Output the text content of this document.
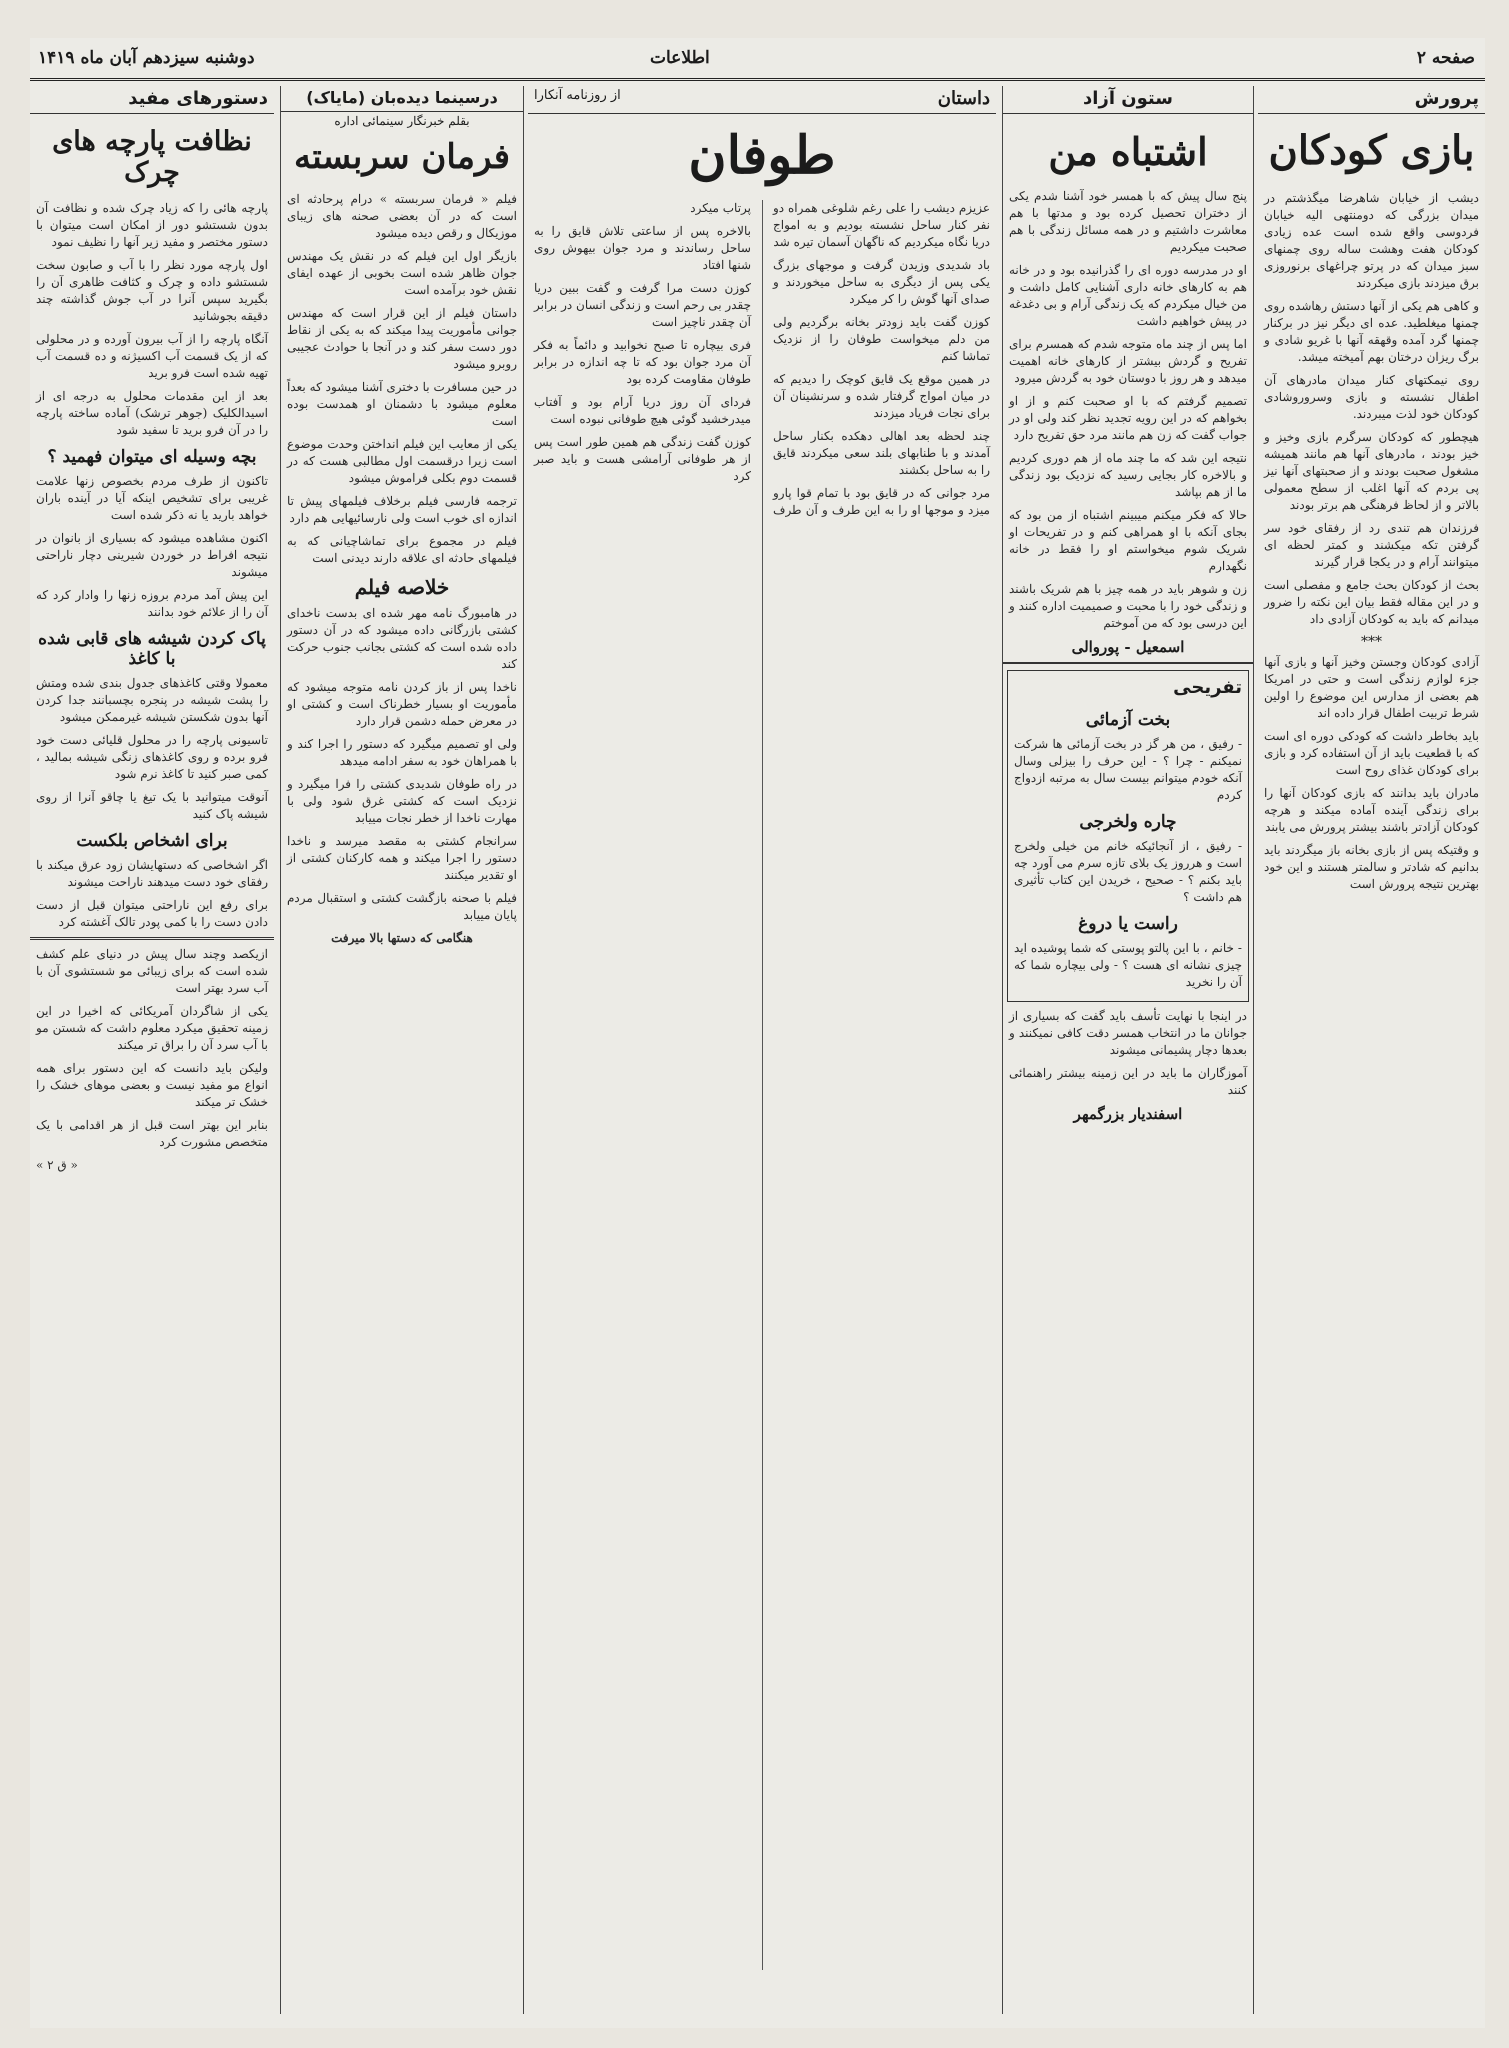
صفحه ۲
اطلاعات
دوشنبه سیزدهم آبان ماه ۱۴۱۹
پرورش
بازی کودکان
دیشب از خیابان شاهرضا میگذشتم در میدان بزرگی که دومنتهی الیه خیابان فردوسی واقع شده است عده زیادی کودکان هفت وهشت ساله روی چمنهای سبز میدان که در پرتو چراغهای برنوروزی برق میزدند بازی میکردند
و کاهی هم یکی از آنها دستش رهاشده روی چمنها میغلطید. عده ای دیگر نیز در برکنار چمنها گرد آمده وقهقه آنها با غریو شادی و برگ ریزان درختان بهم آمیخته میشد.
روی نیمکتهای کنار میدان مادرهای آن اطفال نشسته و بازی وسروروشادی کودکان خود لذت میبردند.
هیچطور که کودکان سرگرم بازی وخیز و خیز بودند ، مادرهای آنها هم مانند همیشه مشغول صحبت بودند و از صحبتهای آنها نیز پی بردم که آنها اغلب از سطح معمولی بالاتر و از لحاظ فرهنگی هم برتر بودند
فرزندان هم تندی رد از رفقای خود سر گرفتن تکه میکشند و کمتر لحظه ای میتوانند آرام و در یکجا قرار گیرند
بحث از کودکان بحث جامع و مفصلی است و در این مقاله فقط بیان این نکته را ضرور میدانم که باید به کودکان آزادی داد
***
آزادی کودکان وجستن وخیز آنها و بازی آنها جزء لوازم زندگی است و حتی در امریکا هم بعضی از مدارس این موضوع را اولین شرط تربیت اطفال قرار داده اند
باید بخاطر داشت که کودکی دوره ای است که با قطعیت باید از آن استفاده کرد و بازی برای کودکان غذای روح است
مادران باید بدانند که بازی کودکان آنها را برای زندگی آینده آماده میکند و هرچه کودکان آزادتر باشند بیشتر پرورش می یابند
و وقتیکه پس از بازی بخانه باز میگردند باید بدانیم که شادتر و سالمتر هستند و این خود بهترین نتیجه پرورش است
ستون آزاد
اشتباه من
پنج سال پیش که با همسر خود آشنا شدم یکی از دختران تحصیل کرده بود و مدتها با هم معاشرت داشتیم و در همه مسائل زندگی با هم صحبت میکردیم
او در مدرسه دوره ای را گذرانیده بود و در خانه هم به کارهای خانه داری آشنایی کامل داشت و من خیال میکردم که یک زندگی آرام و بی دغدغه در پیش خواهیم داشت
اما پس از چند ماه متوجه شدم که همسرم برای تفریح و گردش بیشتر از کارهای خانه اهمیت میدهد و هر روز با دوستان خود به گردش میرود
تصمیم گرفتم که با او صحبت کنم و از او بخواهم که در این رویه تجدید نظر کند ولی او در جواب گفت که زن هم مانند مرد حق تفریح دارد
نتیجه این شد که ما چند ماه از هم دوری کردیم و بالاخره کار بجایی رسید که نزدیک بود زندگی ما از هم بپاشد
حالا که فکر میکنم میبینم اشتباه از من بود که بجای آنکه با او همراهی کنم و در تفریحات او شریک شوم میخواستم او را فقط در خانه نگهدارم
زن و شوهر باید در همه چیز با هم شریک باشند و زندگی خود را با محبت و صمیمیت اداره کنند و این درسی بود که من آموختم
اسمعیل - پوروالی
تفریحی
بخت آزمائی
- رفیق ، من هر گز در بخت آزمائی ها شرکت نمیکنم - چرا ؟ - این حرف را بیزلی وسال آنکه خودم میتوانم بیست سال به مرتبه ازدواج کردم
چاره ولخرجی
- رفیق ، از آنجائیکه خانم من خیلی ولخرج است و هرروز یک بلای تازه سرم می آورد چه باید بکنم ؟ - صحیح ، خریدن این کتاب تأثیری هم داشت ؟
راست یا دروغ
- خانم ، با این پالتو پوستی که شما پوشیده اید چیزی نشانه ای هست ؟ - ولی بیچاره شما که آن را نخرید
در اینجا با نهایت تأسف باید گفت که بسیاری از جوانان ما در انتخاب همسر دقت کافی نمیکنند و بعدها دچار پشیمانی میشوند
آموزگاران ما باید در این زمینه بیشتر راهنمائی کنند
اسفندیار بزرگمهر
داستان
از روزنامه آنکارا
طوفان
عزیزم دیشب را علی رغم شلوغی همراه دو نفر کنار ساحل نشسته بودیم و به امواج دریا نگاه میکردیم که ناگهان آسمان تیره شد
باد شدیدی وزیدن گرفت و موجهای بزرگ یکی پس از دیگری به ساحل میخوردند و صدای آنها گوش را کر میکرد
کوزن گفت باید زودتر بخانه برگردیم ولی من دلم میخواست طوفان را از نزدیک تماشا کنم
در همین موقع یک قایق کوچک را دیدیم که در میان امواج گرفتار شده و سرنشینان آن برای نجات فریاد میزدند
چند لحظه بعد اهالی دهکده بکنار ساحل آمدند و با طنابهای بلند سعی میکردند قایق را به ساحل بکشند
مرد جوانی که در قایق بود با تمام قوا پارو میزد و موجها او را به این طرف و آن طرف پرتاب میکرد
بالاخره پس از ساعتی تلاش قایق را به ساحل رساندند و مرد جوان بیهوش روی شنها افتاد
کوزن دست مرا گرفت و گفت ببین دریا چقدر بی رحم است و زندگی انسان در برابر آن چقدر ناچیز است
فری بیچاره تا صبح نخوابید و دائماً به فکر آن مرد جوان بود که تا چه اندازه در برابر طوفان مقاومت کرده بود
فردای آن روز دریا آرام بود و آفتاب میدرخشید گوئی هیچ طوفانی نبوده است
کوزن گفت زندگی هم همین طور است پس از هر طوفانی آرامشی هست و باید صبر کرد
درسینما دیده‌بان (مایاک)
بقلم خبرنگار سینمائی اداره
فرمان سربسته
فیلم « فرمان سربسته » درام پرحادثه ای است که در آن بعضی صحنه های زیبای موزیکال و رقص دیده میشود
بازیگر اول این فیلم که در نقش یک مهندس جوان ظاهر شده است بخوبی از عهده ایفای نقش خود برآمده است
داستان فیلم از این قرار است که مهندس جوانی مأموریت پیدا میکند که به یکی از نقاط دور دست سفر کند و در آنجا با حوادث عجیبی روبرو میشود
در حین مسافرت با دختری آشنا میشود که بعداً معلوم میشود با دشمنان او همدست بوده است
یکی از معایب این فیلم انداختن وحدت موضوع است زیرا درقسمت اول مطالبی هست که در قسمت دوم بکلی فراموش میشود
ترجمه فارسی فیلم برخلاف فیلمهای پیش تا اندازه ای خوب است ولی نارسائیهایی هم دارد
فیلم در مجموع برای تماشاچیانی که به فیلمهای حادثه ای علاقه دارند دیدنی است
خلاصه فیلم
در هامبورگ نامه مهر شده ای بدست ناخدای کشتی بازرگانی داده میشود که در آن دستور داده شده است که کشتی بجانب جنوب حرکت کند
ناخدا پس از باز کردن نامه متوجه میشود که مأموریت او بسیار خطرناک است و کشتی او در معرض حمله دشمن قرار دارد
ولی او تصمیم میگیرد که دستور را اجرا کند و با همراهان خود به سفر ادامه میدهد
در راه طوفان شدیدی کشتی را فرا میگیرد و نزدیک است که کشتی غرق شود ولی با مهارت ناخدا از خطر نجات مییابد
سرانجام کشتی به مقصد میرسد و ناخدا دستور را اجرا میکند و همه کارکنان کشتی از او تقدیر میکنند
فیلم با صحنه بازگشت کشتی و استقبال مردم پایان مییابد
هنگامی که دستها بالا میرفت
دستورهای مفید
نظافت پارچه های چرک
پارچه هائی را که زیاد چرک شده و نظافت آن بدون شستشو دور از امکان است میتوان با دستور مختصر و مفید زیر آنها را نظیف نمود
اول پارچه مورد نظر را با آب و صابون سخت شستشو داده و چرک و کثافت ظاهری آن را بگیرید سپس آنرا در آب جوش گذاشته چند دقیقه بجوشانید
آنگاه پارچه را از آب بیرون آورده و در محلولی که از یک قسمت آب اکسیژنه و ده قسمت آب تهیه شده است فرو برید
بعد از این مقدمات محلول به درجه ای از اسیدالکلیک (جوهر ترشک) آماده ساخته پارچه را در آن فرو برید تا سفید شود
بچه وسیله ای میتوان فهمید ؟
تاکنون از طرف مردم بخصوص زنها علامت غریبی برای تشخیص اینکه آیا در آینده باران خواهد بارید یا نه ذکر شده است
اکنون مشاهده میشود که بسیاری از بانوان در نتیجه افراط در خوردن شیرینی دچار ناراحتی میشوند
این پیش آمد مردم بروزه زنها را وادار کرد که آن را از علائم خود بدانند
پاک کردن شیشه های قابی شده با کاغذ
معمولا وقتی کاغذهای جدول بندی شده ومتش را پشت شیشه در پنجره بچسبانند جدا کردن آنها بدون شکستن شیشه غیرممکن میشود
تاسیونی پارچه را در محلول قلیائی دست خود فرو برده و روی کاغذهای زنگی شیشه بمالید ، کمی صبر کنید تا کاغذ نرم شود
آنوقت میتوانید با یک تیغ یا چاقو آنرا از روی شیشه پاک کنید
برای اشخاص بلکست
اگر اشخاصی که دستهایشان زود عرق میکند با رفقای خود دست میدهند ناراحت میشوند
برای رفع این ناراحتی میتوان قبل از دست دادن دست را با کمی پودر تالک آغشته کرد
ازیکصد وچند سال پیش در دنیای علم کشف شده است که برای زیبائی مو شستشوی آن با آب سرد بهتر است
یکی از شاگردان آمریکائی که اخیرا در این زمینه تحقیق میکرد معلوم داشت که شستن مو با آب سرد آن را براق تر میکند
ولیکن باید دانست که این دستور برای همه انواع مو مفید نیست و بعضی موهای خشک را خشک تر میکند
بنابر این بهتر است قبل از هر اقدامی با یک متخصص مشورت کرد
« ق ۲ »
